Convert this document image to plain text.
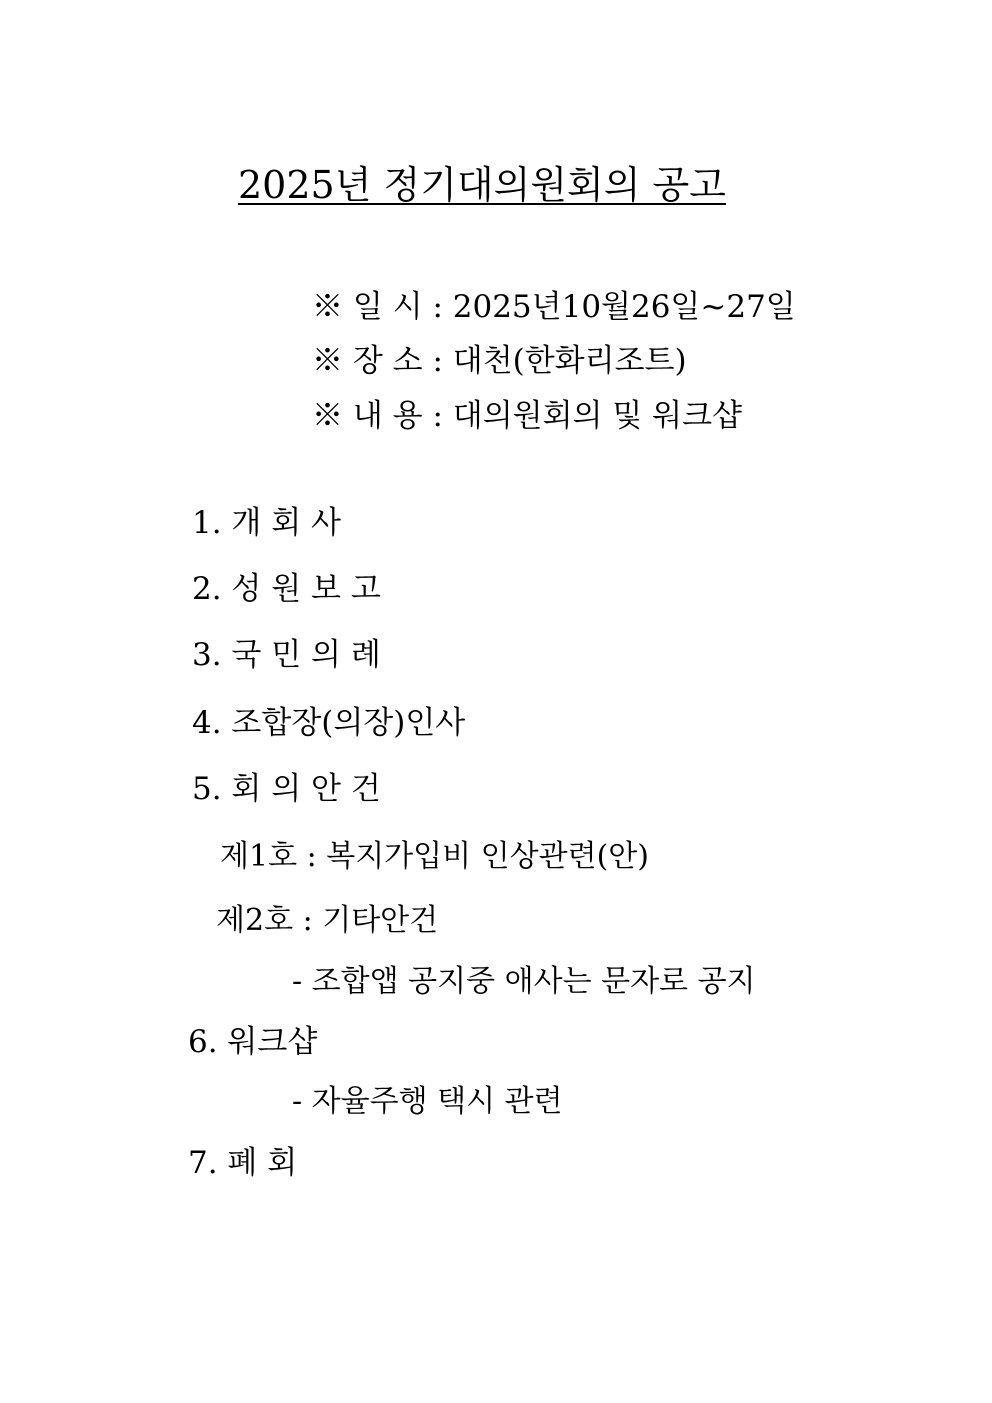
2025년 정기대의원회의 공고
※ 일 시 : 2025년10월26일~27일
※ 장 소 : 대천(한화리조트)
※ 내 용 : 대의원회의 및 워크샵
1. 개 회 사
2. 성 원 보 고
3. 국 민 의 례
4. 조합장(의장)인사
5. 회 의 안 건
제1호 : 복지가입비 인상관련(안)
제2호 : 기타안건
- 조합앱 공지중 애사는 문자로 공지
6. 워크샵
- 자율주행 택시 관련
7. 폐 회
